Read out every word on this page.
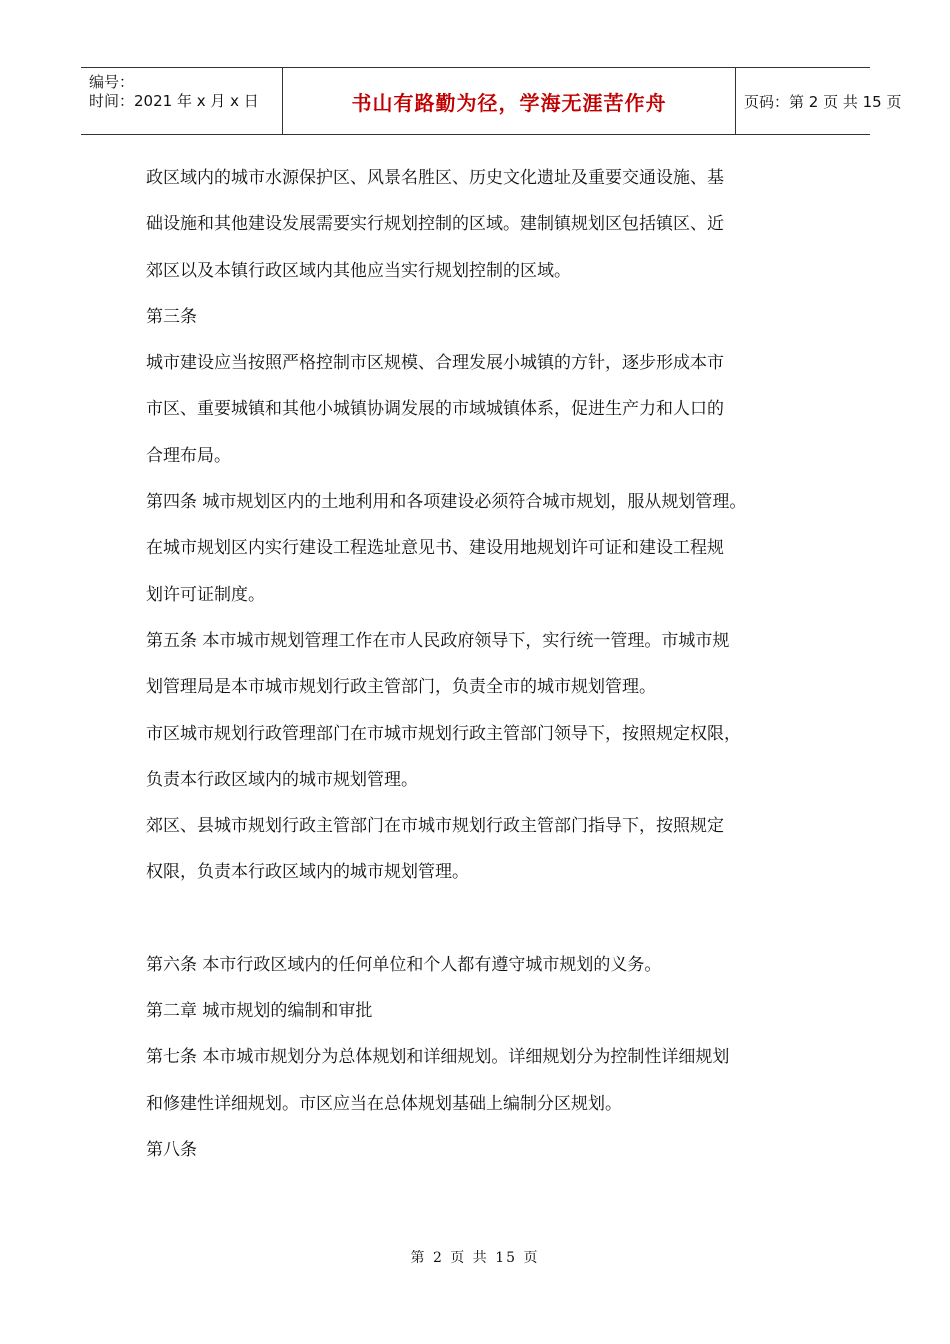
编号：
时间：2021 年 x 月 x 日	书山有路勤为径，学海无涯苦作舟	页码：第 2 页 共 15 页

政区域内的城市水源保护区、风景名胜区、历史文化遗址及重要交通设施、基

础设施和其他建设发展需要实行规划控制的区域。建制镇规划区包括镇区、近

郊区以及本镇行政区域内其他应当实行规划控制的区域。

第三条

城市建设应当按照严格控制市区规模、合理发展小城镇的方针，逐步形成本市

市区、重要城镇和其他小城镇协调发展的市域城镇体系，促进生产力和人口的

合理布局。

第四条 城市规划区内的土地利用和各项建设必须符合城市规划，服从规划管理。

在城市规划区内实行建设工程选址意见书、建设用地规划许可证和建设工程规

划许可证制度。

第五条 本市城市规划管理工作在市人民政府领导下，实行统一管理。市城市规

划管理局是本市城市规划行政主管部门，负责全市的城市规划管理。

市区城市规划行政管理部门在市城市规划行政主管部门领导下，按照规定权限，

负责本行政区域内的城市规划管理。

郊区、县城市规划行政主管部门在市城市规划行政主管部门指导下，按照规定

权限，负责本行政区域内的城市规划管理。

第六条 本市行政区域内的任何单位和个人都有遵守城市规划的义务。

第二章 城市规划的编制和审批

第七条 本市城市规划分为总体规划和详细规划。详细规划分为控制性详细规划

和修建性详细规划。市区应当在总体规划基础上编制分区规划。

第八条

第 2 页 共 15 页
